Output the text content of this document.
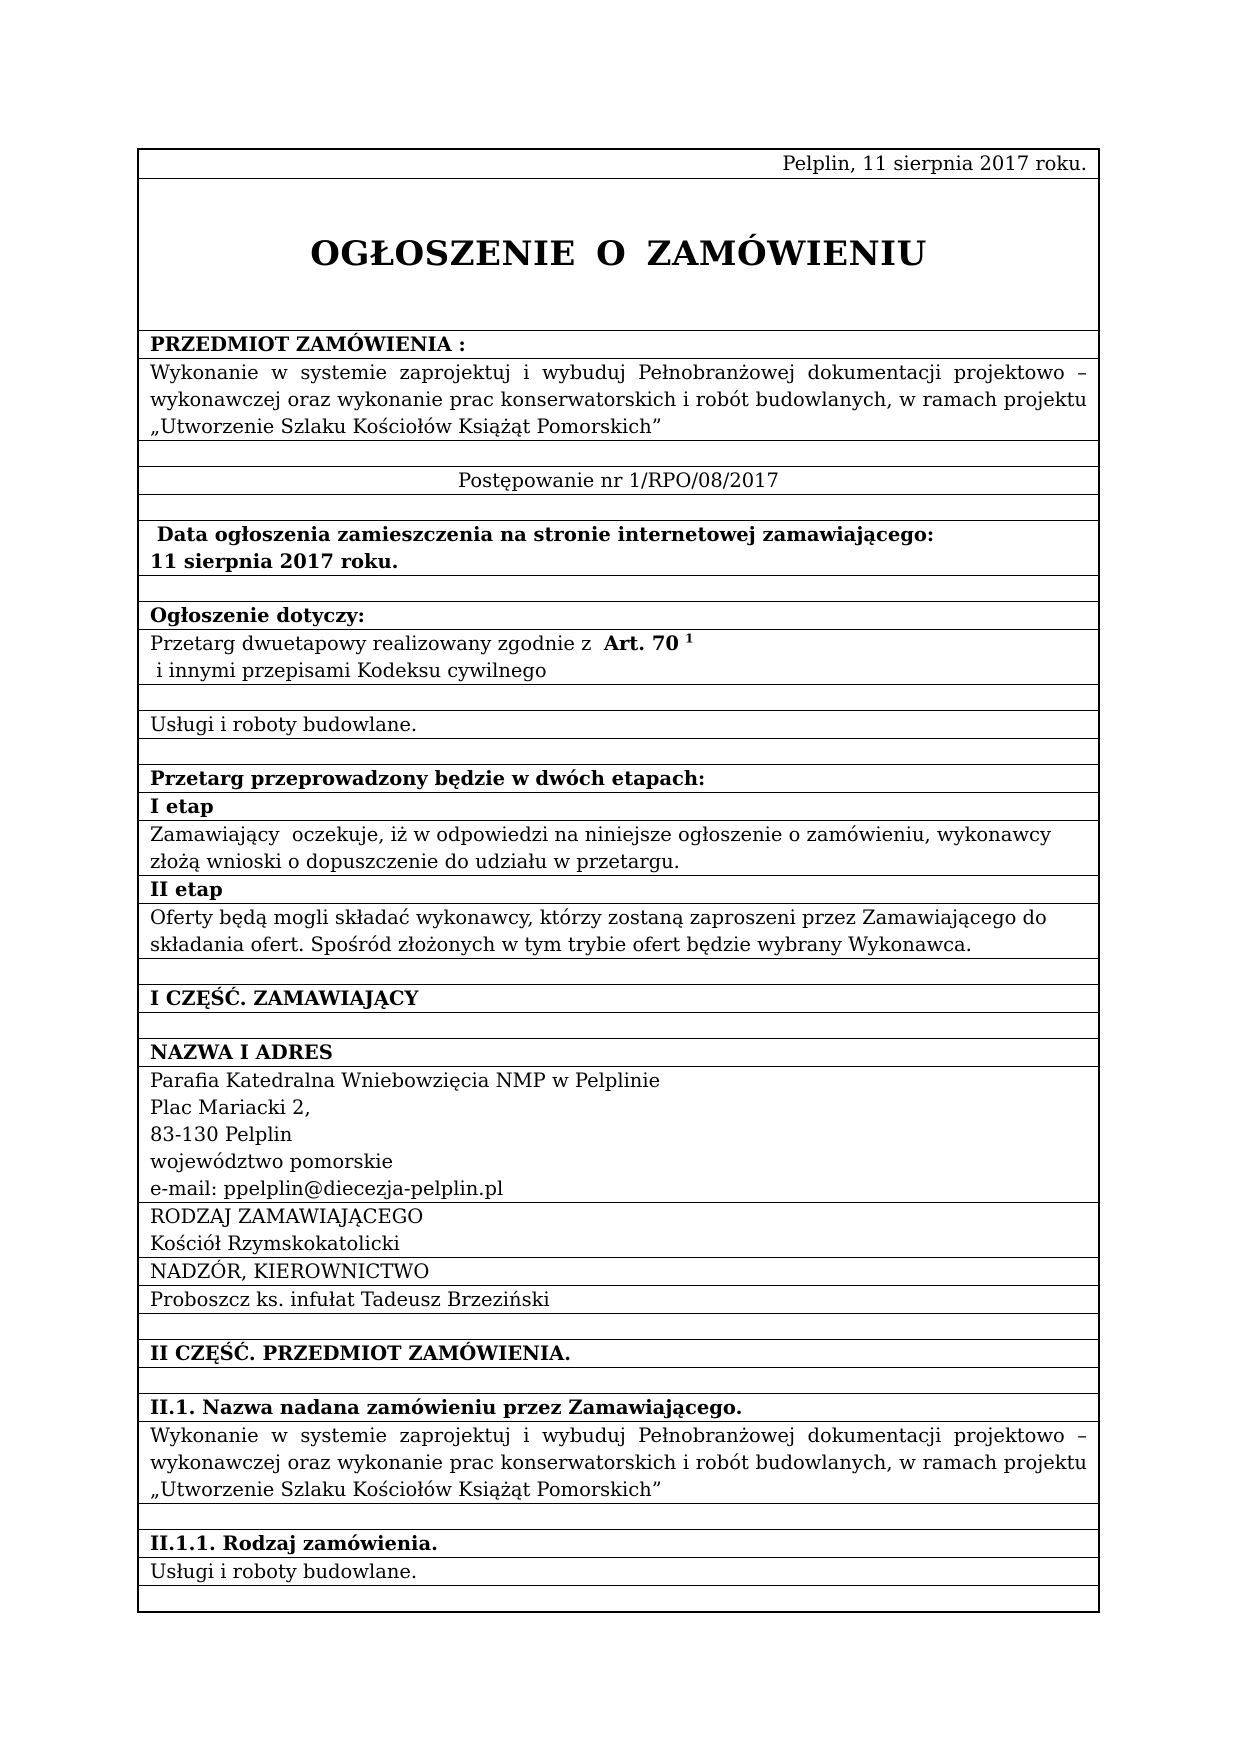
Pelplin, 11 sierpnia 2017 roku.
OGŁOSZENIE O ZAMÓWIENIU
PRZEDMIOT ZAMÓWIENIA :
Wykonanie w systemie zaprojektuj i wybuduj Pełnobranżowej dokumentacji projektowo –
wykonawczej oraz wykonanie prac konserwatorskich i robót budowlanych, w ramach projektu
„Utworzenie Szlaku Kościołów Książąt Pomorskich”
Postępowanie nr 1/RPO/08/2017
Data ogłoszenia zamieszczenia na stronie internetowej zamawiającego:
11 sierpnia 2017 roku.
Ogłoszenie dotyczy:
Przetarg dwuetapowy realizowany zgodnie z  Art. 70 $^1$ i innymi przepisami Kodeksu cywilnego
Usługi i roboty budowlane.
Przetarg przeprowadzony będzie w dwóch etapach:
I etap
Zamawiający  oczekuje, iż w odpowiedzi na niniejsze ogłoszenie o zamówieniu, wykonawcy
złożą wnioski o dopuszczenie do udziału w przetargu.
II etap
Oferty będą mogli składać wykonawcy, którzy zostaną zaproszeni przez Zamawiającego do
składania ofert. Spośród złożonych w tym trybie ofert będzie wybrany Wykonawca.
I CZĘŚĆ. ZAMAWIAJĄCY
NAZWA I ADRES
Parafia Katedralna Wniebowzięcia NMP w Pelplinie
Plac Mariacki 2,
83-130 Pelplin
województwo pomorskie
e-mail: ppelplin@diecezja-pelplin.pl
RODZAJ ZAMAWIAJĄCEGO
Kościół Rzymskokatolicki
NADZÓR, KIEROWNICTWO
Proboszcz ks. infułat Tadeusz Brzeziński
II CZĘŚĆ. PRZEDMIOT ZAMÓWIENIA.
II.1. Nazwa nadana zamówieniu przez Zamawiającego.
Wykonanie w systemie zaprojektuj i wybuduj Pełnobranżowej dokumentacji projektowo –
wykonawczej oraz wykonanie prac konserwatorskich i robót budowlanych, w ramach projektu
„Utworzenie Szlaku Kościołów Książąt Pomorskich”
II.1.1. Rodzaj zamówienia.
Usługi i roboty budowlane.
